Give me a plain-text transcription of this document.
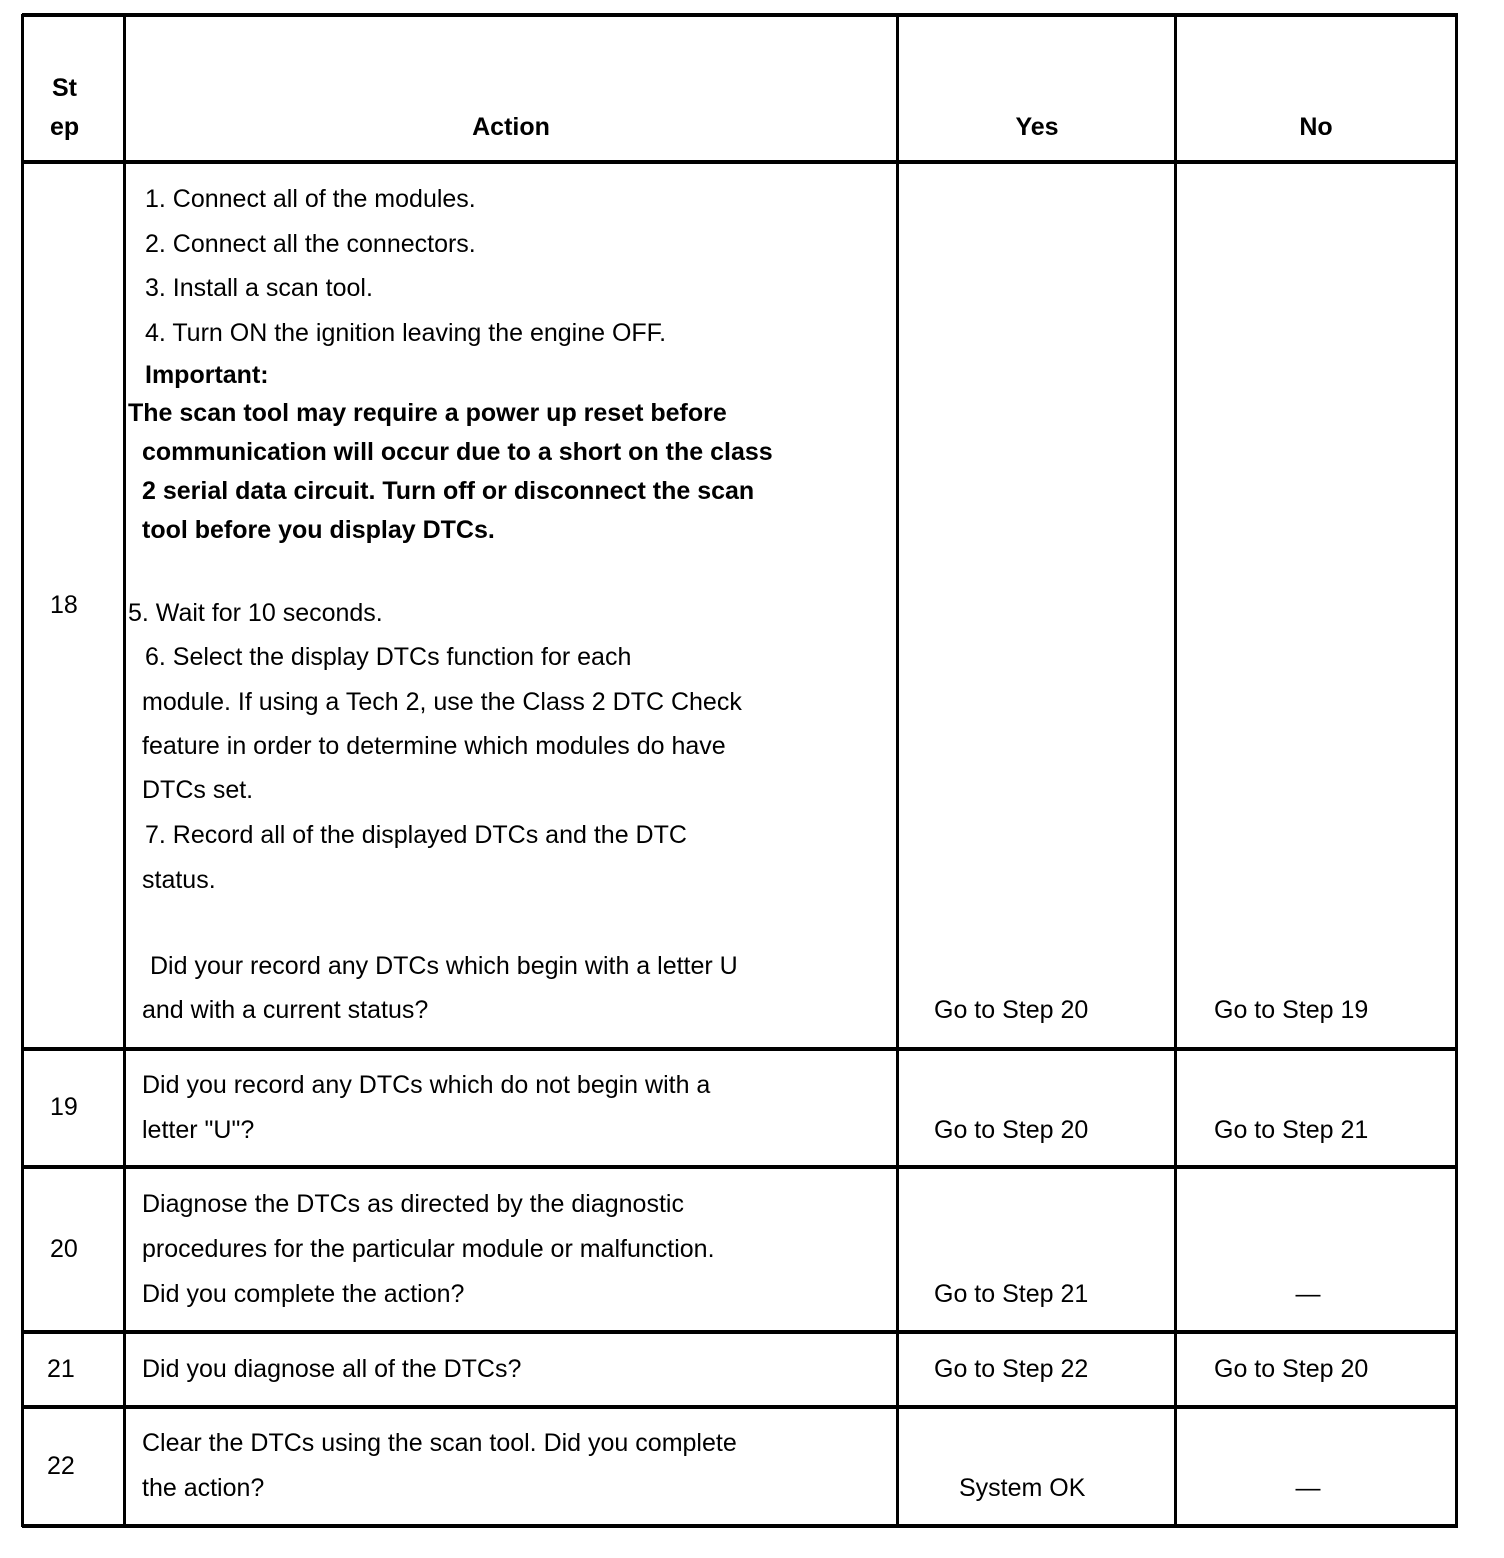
St
ep	Action	Yes	No
18
1. Connect all of the modules.
2. Connect all the connectors.
3. Install a scan tool.
4. Turn ON the ignition leaving the engine OFF.
Important:
The scan tool may require a power up reset before
communication will occur due to a short on the class
2 serial data circuit. Turn off or disconnect the scan
tool before you display DTCs.
5. Wait for 10 seconds.
6. Select the display DTCs function for each
module. If using a Tech 2, use the Class 2 DTC Check
feature in order to determine which modules do have
DTCs set.
7. Record all of the displayed DTCs and the DTC
status.
Did your record any DTCs which begin with a letter U
and with a current status?	Go to Step 20	Go to Step 19
19
Did you record any DTCs which do not begin with a
letter "U"?	Go to Step 20	Go to Step 21
20
Diagnose the DTCs as directed by the diagnostic
procedures for the particular module or malfunction.
Did you complete the action?	Go to Step 21	—
21	Did you diagnose all of the DTCs?	Go to Step 22	Go to Step 20
22
Clear the DTCs using the scan tool. Did you complete
the action?	System OK	—
